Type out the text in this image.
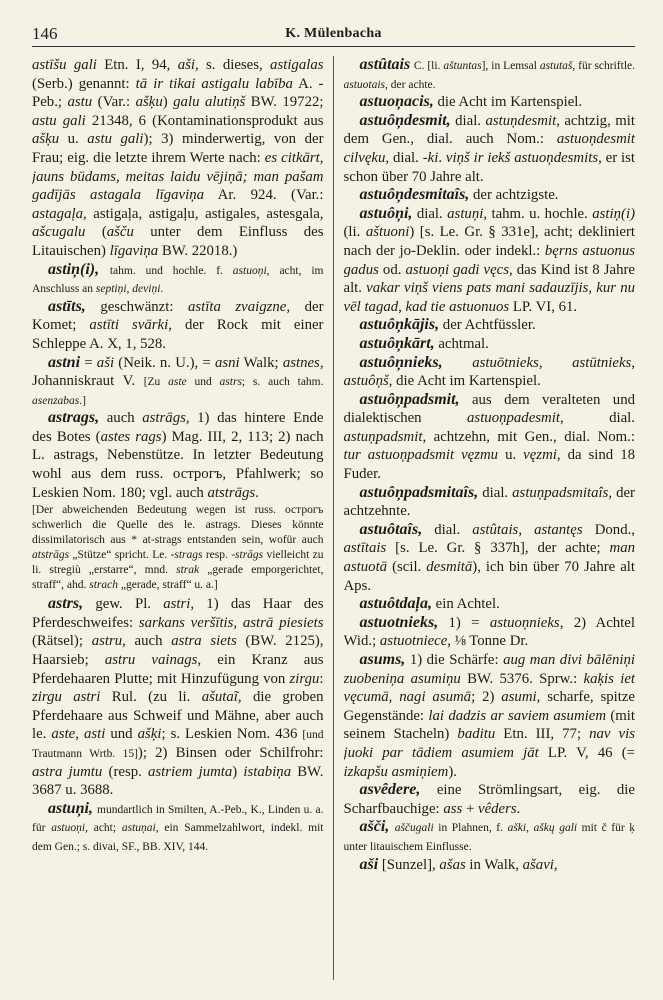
146	K. Mülenbacha

astīšu gali Etn. I, 94, aši, s. dieses, astigalas (Serb.) genannt: tā ir tikai astigalu labība A. - Peb.; astu (Var.: ašķu) galu alutiņš BW. 19722; astu gali 21348, 6 (Kontaminationsprodukt aus ašķu u. astu gali); 3) minderwertig, von der Frau; eig. die letzte ihrem Werte nach: es citkārt, jauns būdams, meitas laidu vējiņā; man pašam gadījās astagala līgaviņa Ar. 924. (Var.: astagaļa, astigaļa, astigaļu, astigales, astesgala, ašcugalu (ašču unter dem Einfluss des Litauischen) līgaviņa BW. 22018.)

astiņ(i), tahm. und hochle. f. astuoņi, acht, im Anschluss an septiņi, deviņi.

astīts, geschwänzt: astīta zvaigzne, der Komet; astīti svārki, der Rock mit einer Schleppe A. X, 1, 528.

astni = aši (Neik. n. U.), = asni Walk; astnes, Johanniskraut V. [Zu aste und astrs; s. auch tahm. asenzabas.]

astrags, auch astrāgs, 1) das hintere Ende des Botes (astes rags) Mag. III, 2, 113; 2) nach L. astrags, Nebenstütze. In letzter Bedeutung wohl aus dem russ. острогъ, Pfahlwerk; so Leskien Nom. 180; vgl. auch atstrāgs.

[Der abweichenden Bedeutung wegen ist russ. острогъ schwerlich die Quelle des le. astrags. Dieses könnte dissimilatorisch aus * at-strags entstanden sein, wofür auch atstrāgs „Stütze“ spricht. Le. -strags resp. -strāgs vielleicht zu li. stregiù „erstarre“, mnd. strak „gerade emporgerichtet, straff“, ahd. strach „gerade, straff“ u. a.]

astrs, gew. Pl. astri, 1) das Haar des Pferdeschweifes: sarkans veršītis, astrā piesiets (Rätsel); astru, auch astra siets (BW. 2125), Haarsieb; astru vainags, ein Kranz aus Pferdehaaren Plutte; mit Hinzufügung von zirgu: zirgu astri Rul. (zu li. ašutaĩ, die groben Pferdehaare aus Schweif und Mähne, aber auch le. aste, asti und ašķi; s. Leskien Nom. 436 [und Trautmann Wrtb. 15]); 2) Binsen oder Schilfrohr: astra jumtu (resp. astriem jumta) istabiņa BW. 3687 u. 3688.

astuņi, mundartlich in Smilten, A.-Peb., K., Linden u. a. für astuoņi, acht; astuņai, ein Sammelzahlwort, indekl. mit dem Gen.; s. divai, SF., BB. XIV, 144.

astûtais C. [li. aštuntas], in Lemsal astutaš, für schriftle. astuotais, der achte.

astuoņacis, die Acht im Kartenspiel.

astuôņdesmit, dial. astuņdesmit, achtzig, mit dem Gen., dial. auch Nom.: astuoņdesmit cilvęku, dial. -ki. viņš ir iekš astuoņdesmits, er ist schon über 70 Jahre alt.

astuôņdesmitaîs, der achtzigste.

astuôņi, dial. astuņi, tahm. u. hochle. astiņ(i) (li. aštuoni) [s. Le. Gr. § 331e], acht; dekliniert nach der jo-Deklin. oder indekl.: bęrns astuonus gadus od. astuoņi gadi vęcs, das Kind ist 8 Jahre alt. vakar viņš viens pats mani sadauzījis, kur nu vēl tagad, kad tie astuonuos LP. VI, 61.

astuôņkājis, der Achtfüssler.

astuôņkārt, achtmal.

astuôņnieks, astuōtnieks, astūtnieks, astuôņš, die Acht im Kartenspiel.

astuôņpadsmit, aus dem veralteten und dialektischen astuoņpadesmit, dial. astuņpadsmit, achtzehn, mit Gen., dial. Nom.: tur astuoņpadsmit vęzmu u. vęzmi, da sind 18 Fuder.

astuôņpadsmitaîs, dial. astuņpadsmitaîs, der achtzehnte.

astuôtaîs, dial. astûtais, astantęs Dond., astītais [s. Le. Gr. § 337h], der achte; man astuotā (scil. desmitā), ich bin über 70 Jahre alt Aps.

astuôtdaļa, ein Achtel.

astuotnieks, 1) = astuoņnieks, 2) Achtel Wid.; astuotniece, ⅛ Tonne Dr.

asums, 1) die Schärfe: aug man divi bālēniņi zuobeniņa asumiņu BW. 5376. Sprw.: kaķis iet vęcumā, nagi asumā; 2) asumi, scharfe, spitze Gegenstände: lai dadzis ar saviem asumiem (mit seinem Stacheln) baditu Etn. III, 77; nav vis juoki par tādiem asumiem jāt LP. V, 46 (= izkapšu asmiņiem).

asvêdere, eine Strömlingsart, eig. die Scharfbauchige: ass + vêders.

ašči, aščugali in Plahnen, f. aški, aškų gali mit č für ķ unter litauischem Einflusse.

aši [Sunzel], ašas in Walk, ašavi,
